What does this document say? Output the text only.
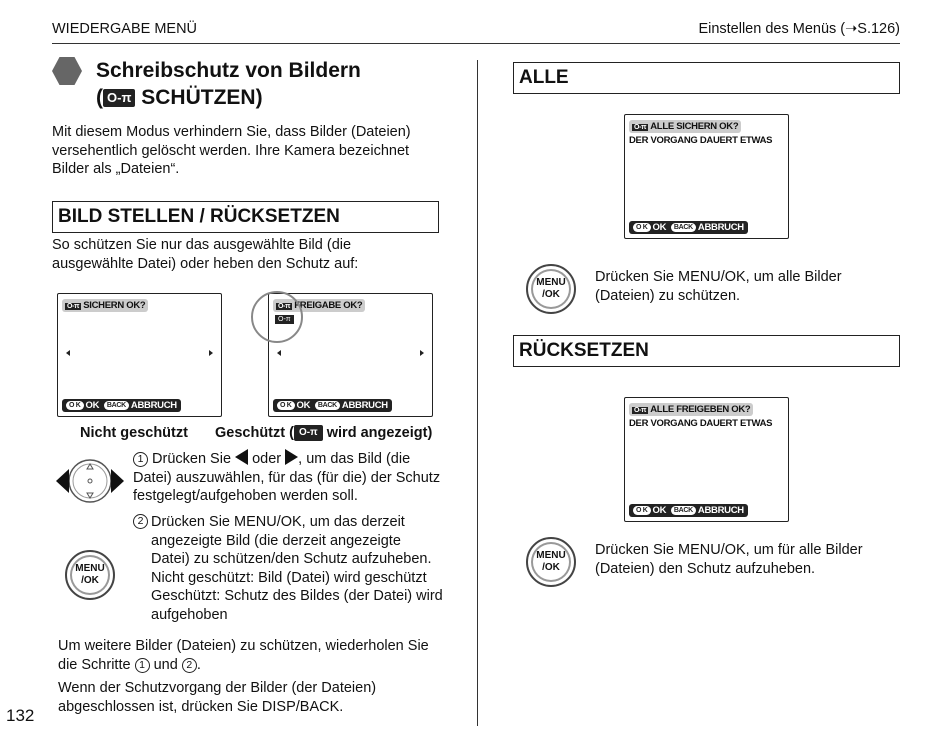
WIEDERGABE MENÜ	Einstellen des Menüs (➝S.126)
Schreibschutz von Bildern
( O‑π SCHÜTZEN)
Mit diesem Modus verhindern Sie, dass Bilder (Dateien) versehentlich gelöscht werden. Ihre Kamera bezeichnet Bilder als „Dateien“.
BILD STELLEN / RÜCKSETZEN
So schützen Sie nur das ausgewählte Bild (die ausgewählte Datei) oder heben den Schutz auf:
O‑π SICHERN OK?
O K OK BACK ABBRUCH
O‑π FREIGABE OK?
O‑π
O K OK BACK ABBRUCH
Nicht geschützt Geschützt ( O‑π wird angezeigt)
1 Drücken Sie oder , um das Bild (die Datei) auszuwählen, für das (für die) der Schutz festgelegt/aufgehoben werden soll.
MENU
/OK
2 Drücken Sie MENU/OK, um das derzeit angezeigte Bild (die derzeit angezeigte Datei) zu schützen/den Schutz aufzuheben.
Nicht geschützt: Bild (Datei) wird geschützt
Geschützt: Schutz des Bildes (der Datei) wird aufgehoben
Um weitere Bilder (Dateien) zu schützen, wiederholen Sie die Schritte 1 und 2 .
Wenn der Schutzvorgang der Bilder (der Dateien) abgeschlossen ist, drücken Sie DISP/BACK.
132
ALLE
O‑π ALLE SICHERN OK?
DER VORGANG DAUERT ETWAS
O K OK BACK ABBRUCH
MENU
/OK
Drücken Sie MENU/OK, um alle Bilder (Dateien) zu schützen.
RÜCKSETZEN
O‑π ALLE FREIGEBEN OK?
DER VORGANG DAUERT ETWAS
O K OK BACK ABBRUCH
MENU
/OK
Drücken Sie MENU/OK, um für alle Bilder (Dateien) den Schutz aufzuheben.
